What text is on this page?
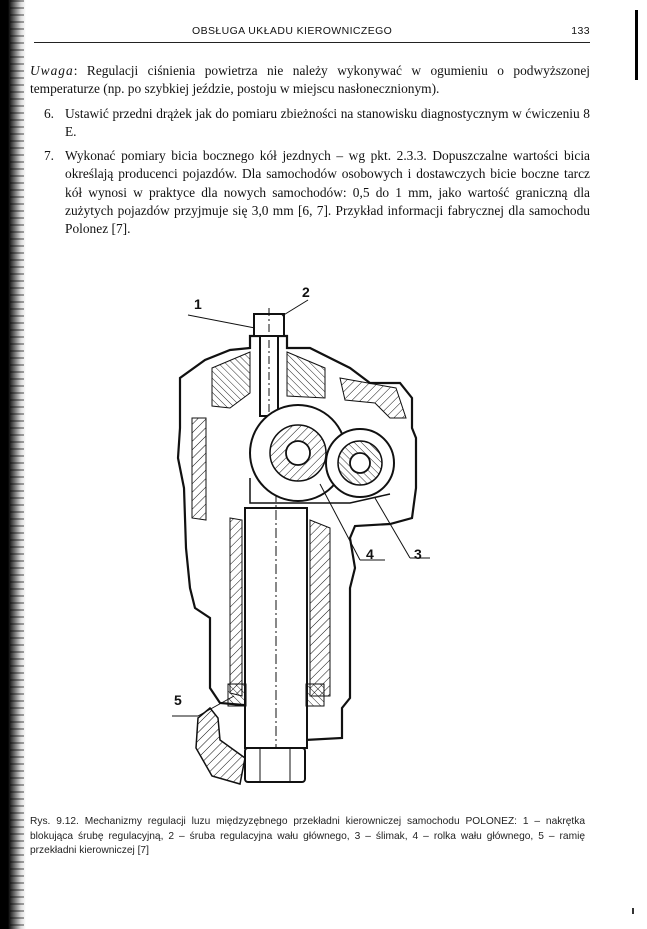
OBSŁUGA UKŁADU KIEROWNICZEGO	133

Uwaga: Regulacji ciśnienia powietrza nie należy wykonywać w ogumieniu o podwyższonej temperaturze (np. po szybkiej jeździe, postoju w miejscu nasłonecznionym).

6. Ustawić przedni drążek jak do pomiaru zbieżności na stanowisku diagnostycznym w ćwiczeniu 8 E.

7. Wykonać pomiary bicia bocznego kół jezdnych – wg pkt. 2.3.3. Dopuszczalne wartości bicia określają producenci pojazdów. Dla samochodów osobowych i dostawczych bicie boczne tarcz kół wynosi w praktyce dla nowych samochodów: 0,5 do 1 mm, jako wartość graniczną dla zużytych pojazdów przyjmuje się 3,0 mm [6, 7]. Przykład informacji fabrycznej dla samochodu Polonez [7].

1
2
3
4
5

Rys. 9.12. Mechanizmy regulacji luzu międzyzębnego przekładni kierowniczej samochodu POLONEZ: 1 – nakrętka blokująca śrubę regulacyjną, 2 – śruba regulacyjna wału głównego, 3 – ślimak, 4 – rolka wału głównego, 5 – ramię przekładni kierowniczej [7]
